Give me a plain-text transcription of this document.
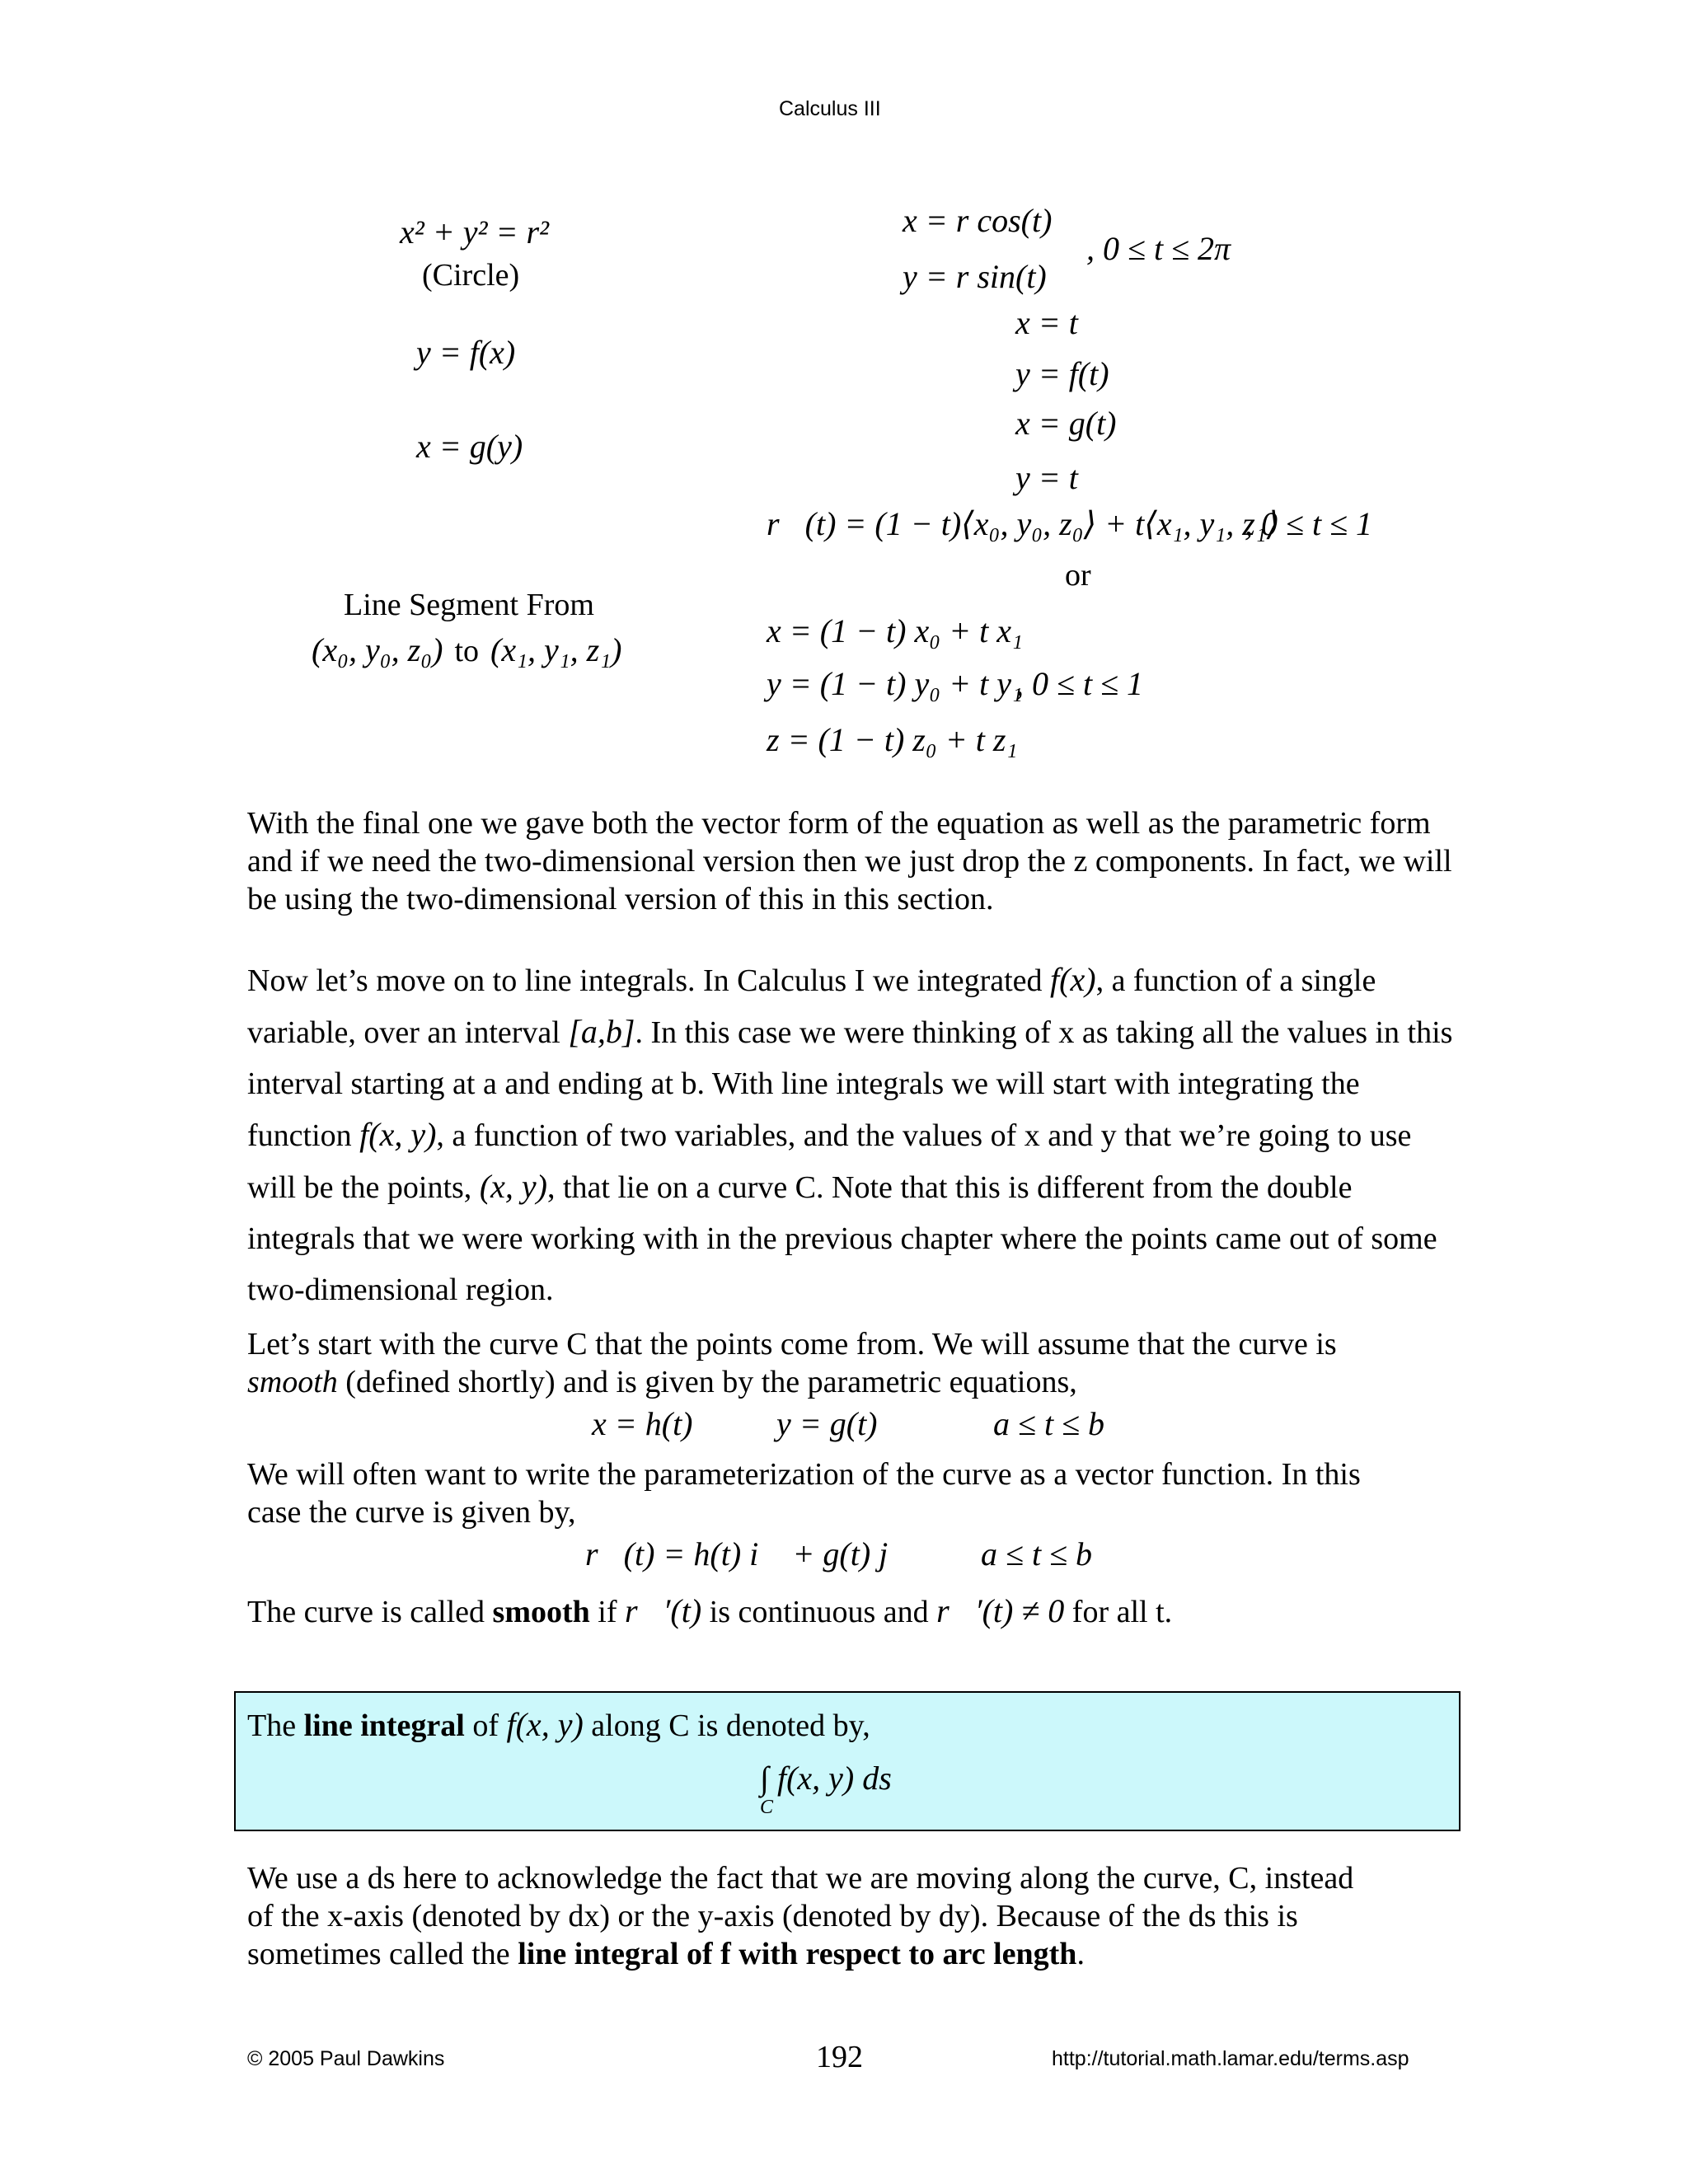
Calculus III
x² + y² = r²
(Circle)
x = r cos(t)
y = r sin(t)
, 0 ≤ t ≤ 2π
y = f(x)
x = t
y = f(t)
x = g(y)
x = g(t)
y = t
r⃗(t) = (1 − t)⟨x₀, y₀, z₀⟩ + t⟨x₁, y₁, z₁⟩
, 0 ≤ t ≤ 1
or
Line Segment From
(x₀, y₀, z₀) to (x₁, y₁, z₁)
x = (1 − t) x₀ + t x₁
y = (1 − t) y₀ + t y₁
, 0 ≤ t ≤ 1
z = (1 − t) z₀ + t z₁

With the final one we gave both the vector form of the equation as well as the parametric form and if we need the two-dimensional version then we just drop the z components. In fact, we will be using the two-dimensional version of this in this section.

Now let’s move on to line integrals. In Calculus I we integrated f(x), a function of a single variable, over an interval [a,b]. In this case we were thinking of x as taking all the values in this interval starting at a and ending at b. With line integrals we will start with integrating the function f(x, y), a function of two variables, and the values of x and y that we’re going to use will be the points, (x, y), that lie on a curve C. Note that this is different from the double integrals that we were working with in the previous chapter where the points came out of some two-dimensional region.

Let’s start with the curve C that the points come from. We will assume that the curve is
smooth (defined shortly) and is given by the parametric equations,
x = h(t)	y = g(t)	a ≤ t ≤ b
We will often want to write the parameterization of the curve as a vector function. In this
case the curve is given by,
r⃗(t) = h(t) i⃗ + g(t) j⃗ a ≤ t ≤ b
The curve is called smooth if r⃗′(t) is continuous and r⃗′(t) ≠ 0 for all t.
The line integral of f(x, y) along C is denoted by,
∫ f(x, y) ds
C
We use a ds here to acknowledge the fact that we are moving along the curve, C, instead
of the x-axis (denoted by dx) or the y-axis (denoted by dy). Because of the ds this is
sometimes called the line integral of f with respect to arc length.
© 2005 Paul Dawkins	192	http://tutorial.math.lamar.edu/terms.asp
